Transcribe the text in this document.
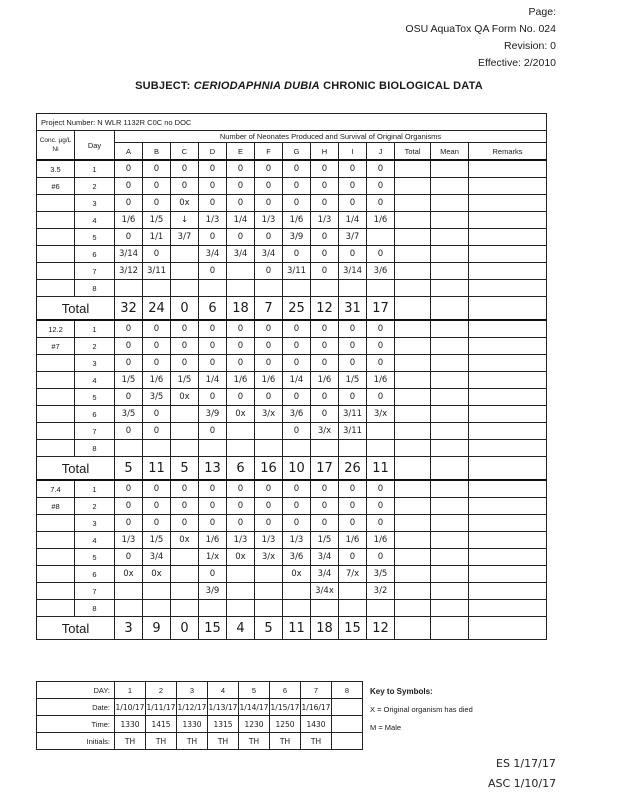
Page:
OSU AquaTox QA Form No. 024
Revision: 0
Effective: 2/2010
SUBJECT: CERIODAPHNIA DUBIA CHRONIC BIOLOGICAL DATA
Project Number: N WLR 1132R C0C no DOC														
Conc. µg/L Ni	Day	Number of Neonates Produced and Survival of Original Organisms												
		A	B	C	D	E	F	G	H	I	J	Total	Mean	Remarks
3.5	1	0	0	0	0	0	0	0	0	0	0			
#6	2	0	0	0	0	0	0	0	0	0	0			
	3	0	0	0x	0	0	0	0	0	0	0			
	4	1/6	1/5	↓	1/3	1/4	1/3	1/6	1/3	1/4	1/6			
	5	0	1/1	3/7	0	0	0	3/9	0	3/7				
	6	3/14	0		3/4	3/4	3/4	0	0	0	0			
	7	3/12	3/11		0		0	3/11	0	3/14	3/6			
	8													
Total		32	24	0	6	18	7	25	12	31	17			
12.2	1	0	0	0	0	0	0	0	0	0	0			
#7	2	0	0	0	0	0	0	0	0	0	0			
	3	0	0	0	0	0	0	0	0	0	0			
	4	1/5	1/6	1/5	1/4	1/6	1/6	1/4	1/6	1/5	1/6			
	5	0	3/5	0x	0	0	0	0	0	0	0			
	6	3/5	0		3/9	0x	3/x	3/6	0	3/11	3/x			
	7	0	0		0			0	3/x	3/11				
	8													
Total		5	11	5	13	6	16	10	17	26	11			
7.4	1	0	0	0	0	0	0	0	0	0	0			
#8	2	0	0	0	0	0	0	0	0	0	0			
	3	0	0	0	0	0	0	0	0	0	0			
	4	1/3	1/5	0x	1/6	1/3	1/3	1/3	1/5	1/6	1/6			
	5	0	3/4		1/x	0x	3/x	3/6	3/4	0	0			
	6	0x	0x		0			0x	3/4	7/x	3/5			
	7				3/9				3/4x		3/2			
	8													
Total		3	9	0	15	4	5	11	18	15	12			
DAY:	1	2	3	4	5	6	7	8
Date:	1/10/17	1/11/17	1/12/17	1/13/17	1/14/17	1/15/17	1/16/17	
Time:	1330	1415	1330	1315	1230	1250	1430	
Initials:	TH	TH	TH	TH	TH	TH	TH	
Key to Symbols:
X = Original organism has died
M = Male
ES 1/17/17
ASC 1/10/17
